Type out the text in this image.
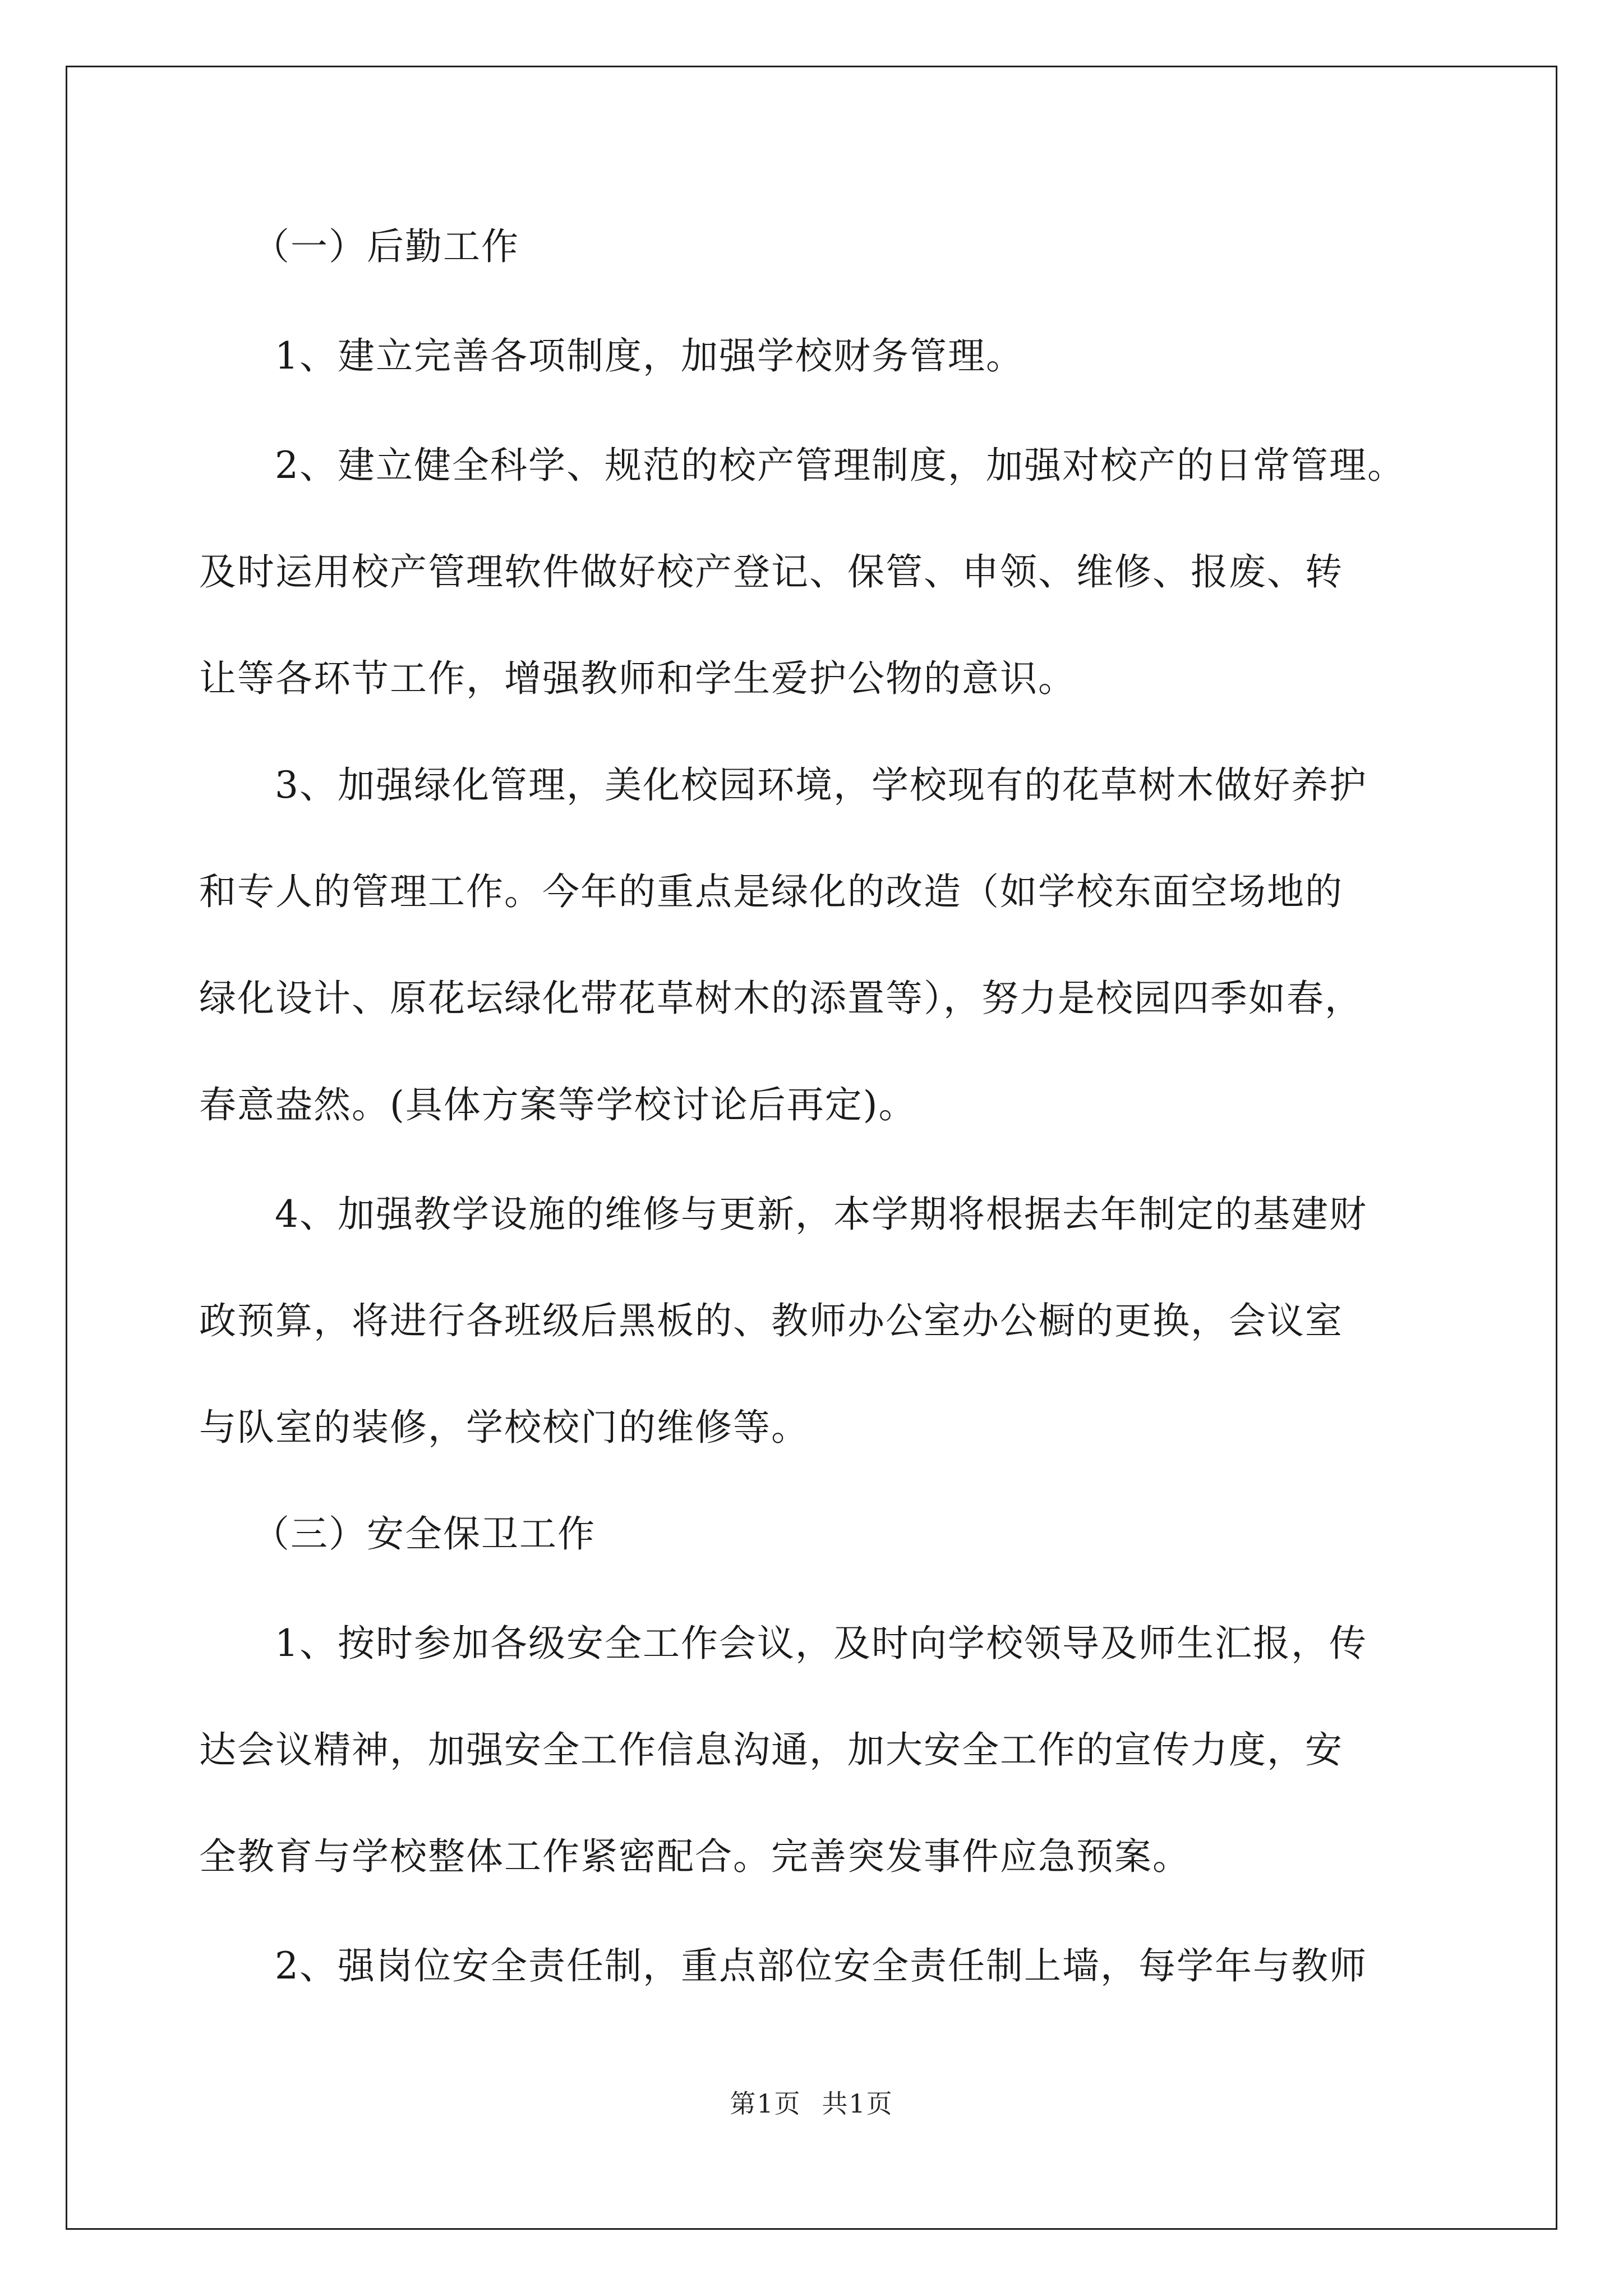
（一）后勤工作
1、建立完善各项制度，加强学校财务管理。
2、建立健全科学、规范的校产管理制度，加强对校产的日常管理。
及时运用校产管理软件做好校产登记、保管、申领、维修、报废、转
让等各环节工作，增强教师和学生爱护公物的意识。
3、加强绿化管理，美化校园环境，学校现有的花草树木做好养护
和专人的管理工作。今年的重点是绿化的改造（如学校东面空场地的
绿化设计、原花坛绿化带花草树木的添置等），努力是校园四季如春，
春意盎然。(具体方案等学校讨论后再定)。
4、加强教学设施的维修与更新，本学期将根据去年制定的基建财
政预算，将进行各班级后黑板的、教师办公室办公橱的更换，会议室
与队室的装修，学校校门的维修等。
（三）安全保卫工作
1、按时参加各级安全工作会议，及时向学校领导及师生汇报，传
达会议精神，加强安全工作信息沟通，加大安全工作的宣传力度，安
全教育与学校整体工作紧密配合。完善突发事件应急预案。
2、强岗位安全责任制，重点部位安全责任制上墙，每学年与教师
第1页 共1页
